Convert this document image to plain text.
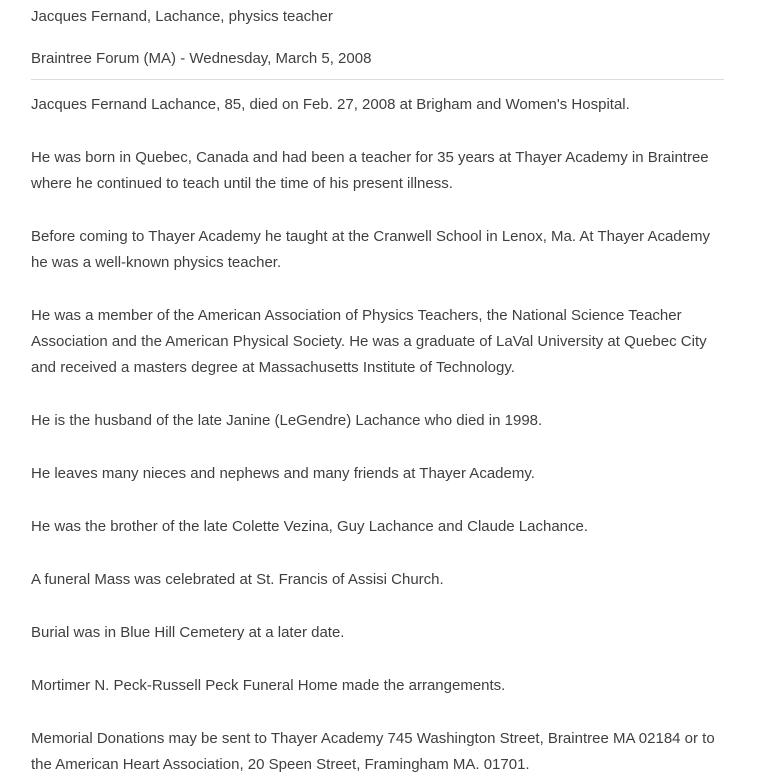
Jacques Fernand, Lachance, physics teacher
Braintree Forum (MA) - Wednesday, March 5, 2008

Jacques Fernand Lachance, 85, died on Feb. 27, 2008 at Brigham and Women's Hospital.

He was born in Quebec, Canada and had been a teacher for 35 years at Thayer Academy in Braintree where he continued to teach until the time of his present illness.

Before coming to Thayer Academy he taught at the Cranwell School in Lenox, Ma. At Thayer Academy he was a well-known physics teacher.

He was a member of the American Association of Physics Teachers, the National Science Teacher Association and the American Physical Society. He was a graduate of LaVal University at Quebec City and received a masters degree at Massachusetts Institute of Technology.

He is the husband of the late Janine (LeGendre) Lachance who died in 1998.

He leaves many nieces and nephews and many friends at Thayer Academy.

He was the brother of the late Colette Vezina, Guy Lachance and Claude Lachance.

A funeral Mass was celebrated at St. Francis of Assisi Church.

Burial was in Blue Hill Cemetery at a later date.

Mortimer N. Peck-Russell Peck Funeral Home made the arrangements.

Memorial Donations may be sent to Thayer Academy 745 Washington Street, Braintree MA 02184 or to the American Heart Association, 20 Speen Street, Framingham MA. 01701.
